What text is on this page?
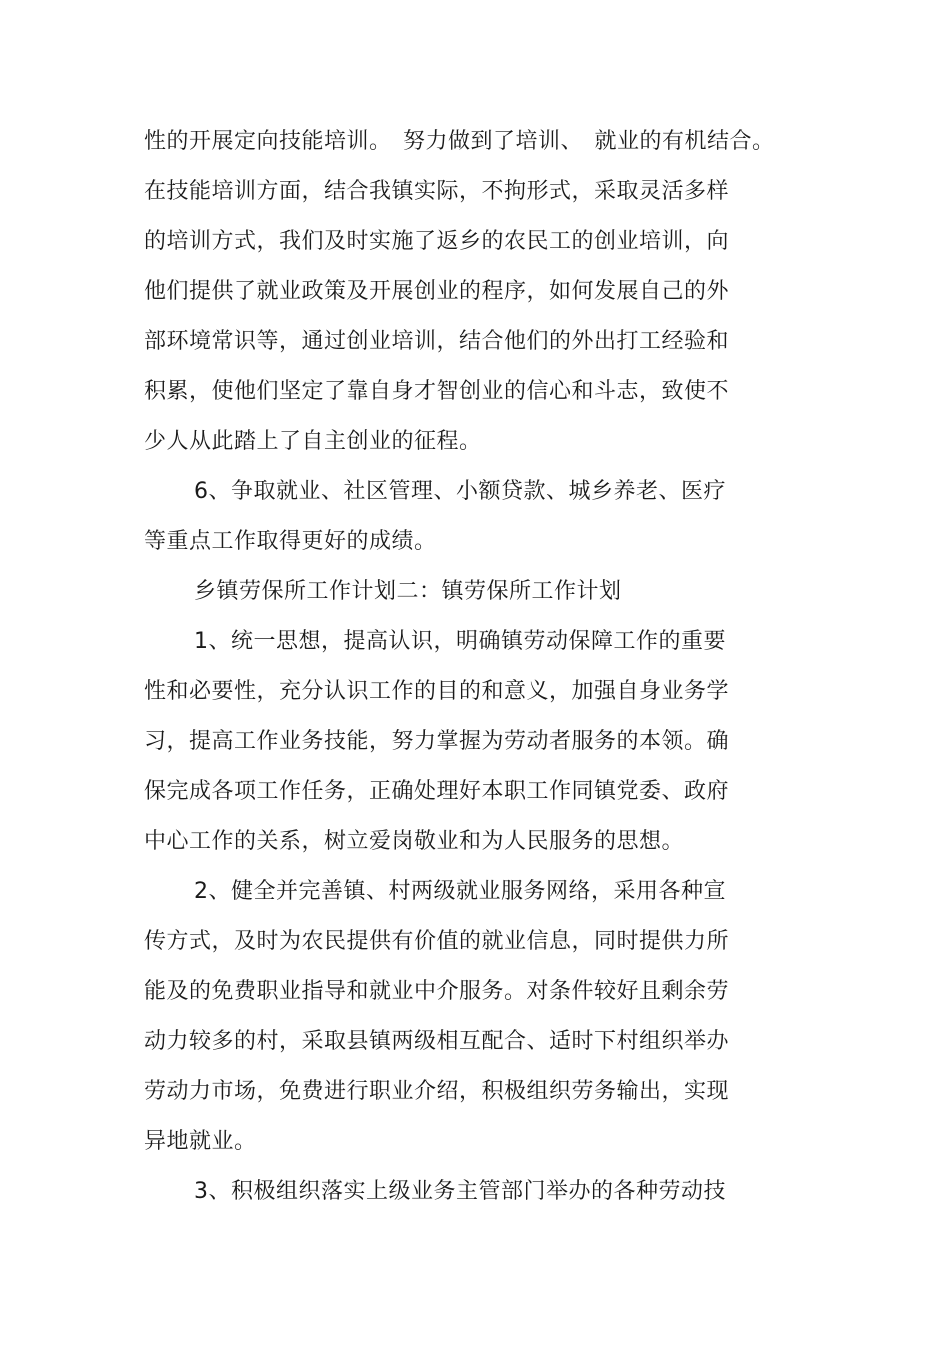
性的开展定向技能培训。　努力做到了培训、　就业的有机结合。

在技能培训方面，结合我镇实际，不拘形式，采取灵活多样

的培训方式，我们及时实施了返乡的农民工的创业培训，向

他们提供了就业政策及开展创业的程序，如何发展自己的外

部环境常识等，通过创业培训，结合他们的外出打工经验和

积累，使他们坚定了靠自身才智创业的信心和斗志，致使不

少人从此踏上了自主创业的征程。

6、争取就业、社区管理、小额贷款、城乡养老、医疗

等重点工作取得更好的成绩。

乡镇劳保所工作计划二：镇劳保所工作计划

1、统一思想，提高认识，明确镇劳动保障工作的重要

性和必要性，充分认识工作的目的和意义，加强自身业务学

习，提高工作业务技能，努力掌握为劳动者服务的本领。确

保完成各项工作任务，正确处理好本职工作同镇党委、政府

中心工作的关系，树立爱岗敬业和为人民服务的思想。

2、健全并完善镇、村两级就业服务网络，采用各种宣

传方式，及时为农民提供有价值的就业信息，同时提供力所

能及的免费职业指导和就业中介服务。对条件较好且剩余劳

动力较多的村，采取县镇两级相互配合、适时下村组织举办

劳动力市场，免费进行职业介绍，积极组织劳务输出，实现

异地就业。

3、积极组织落实上级业务主管部门举办的各种劳动技
